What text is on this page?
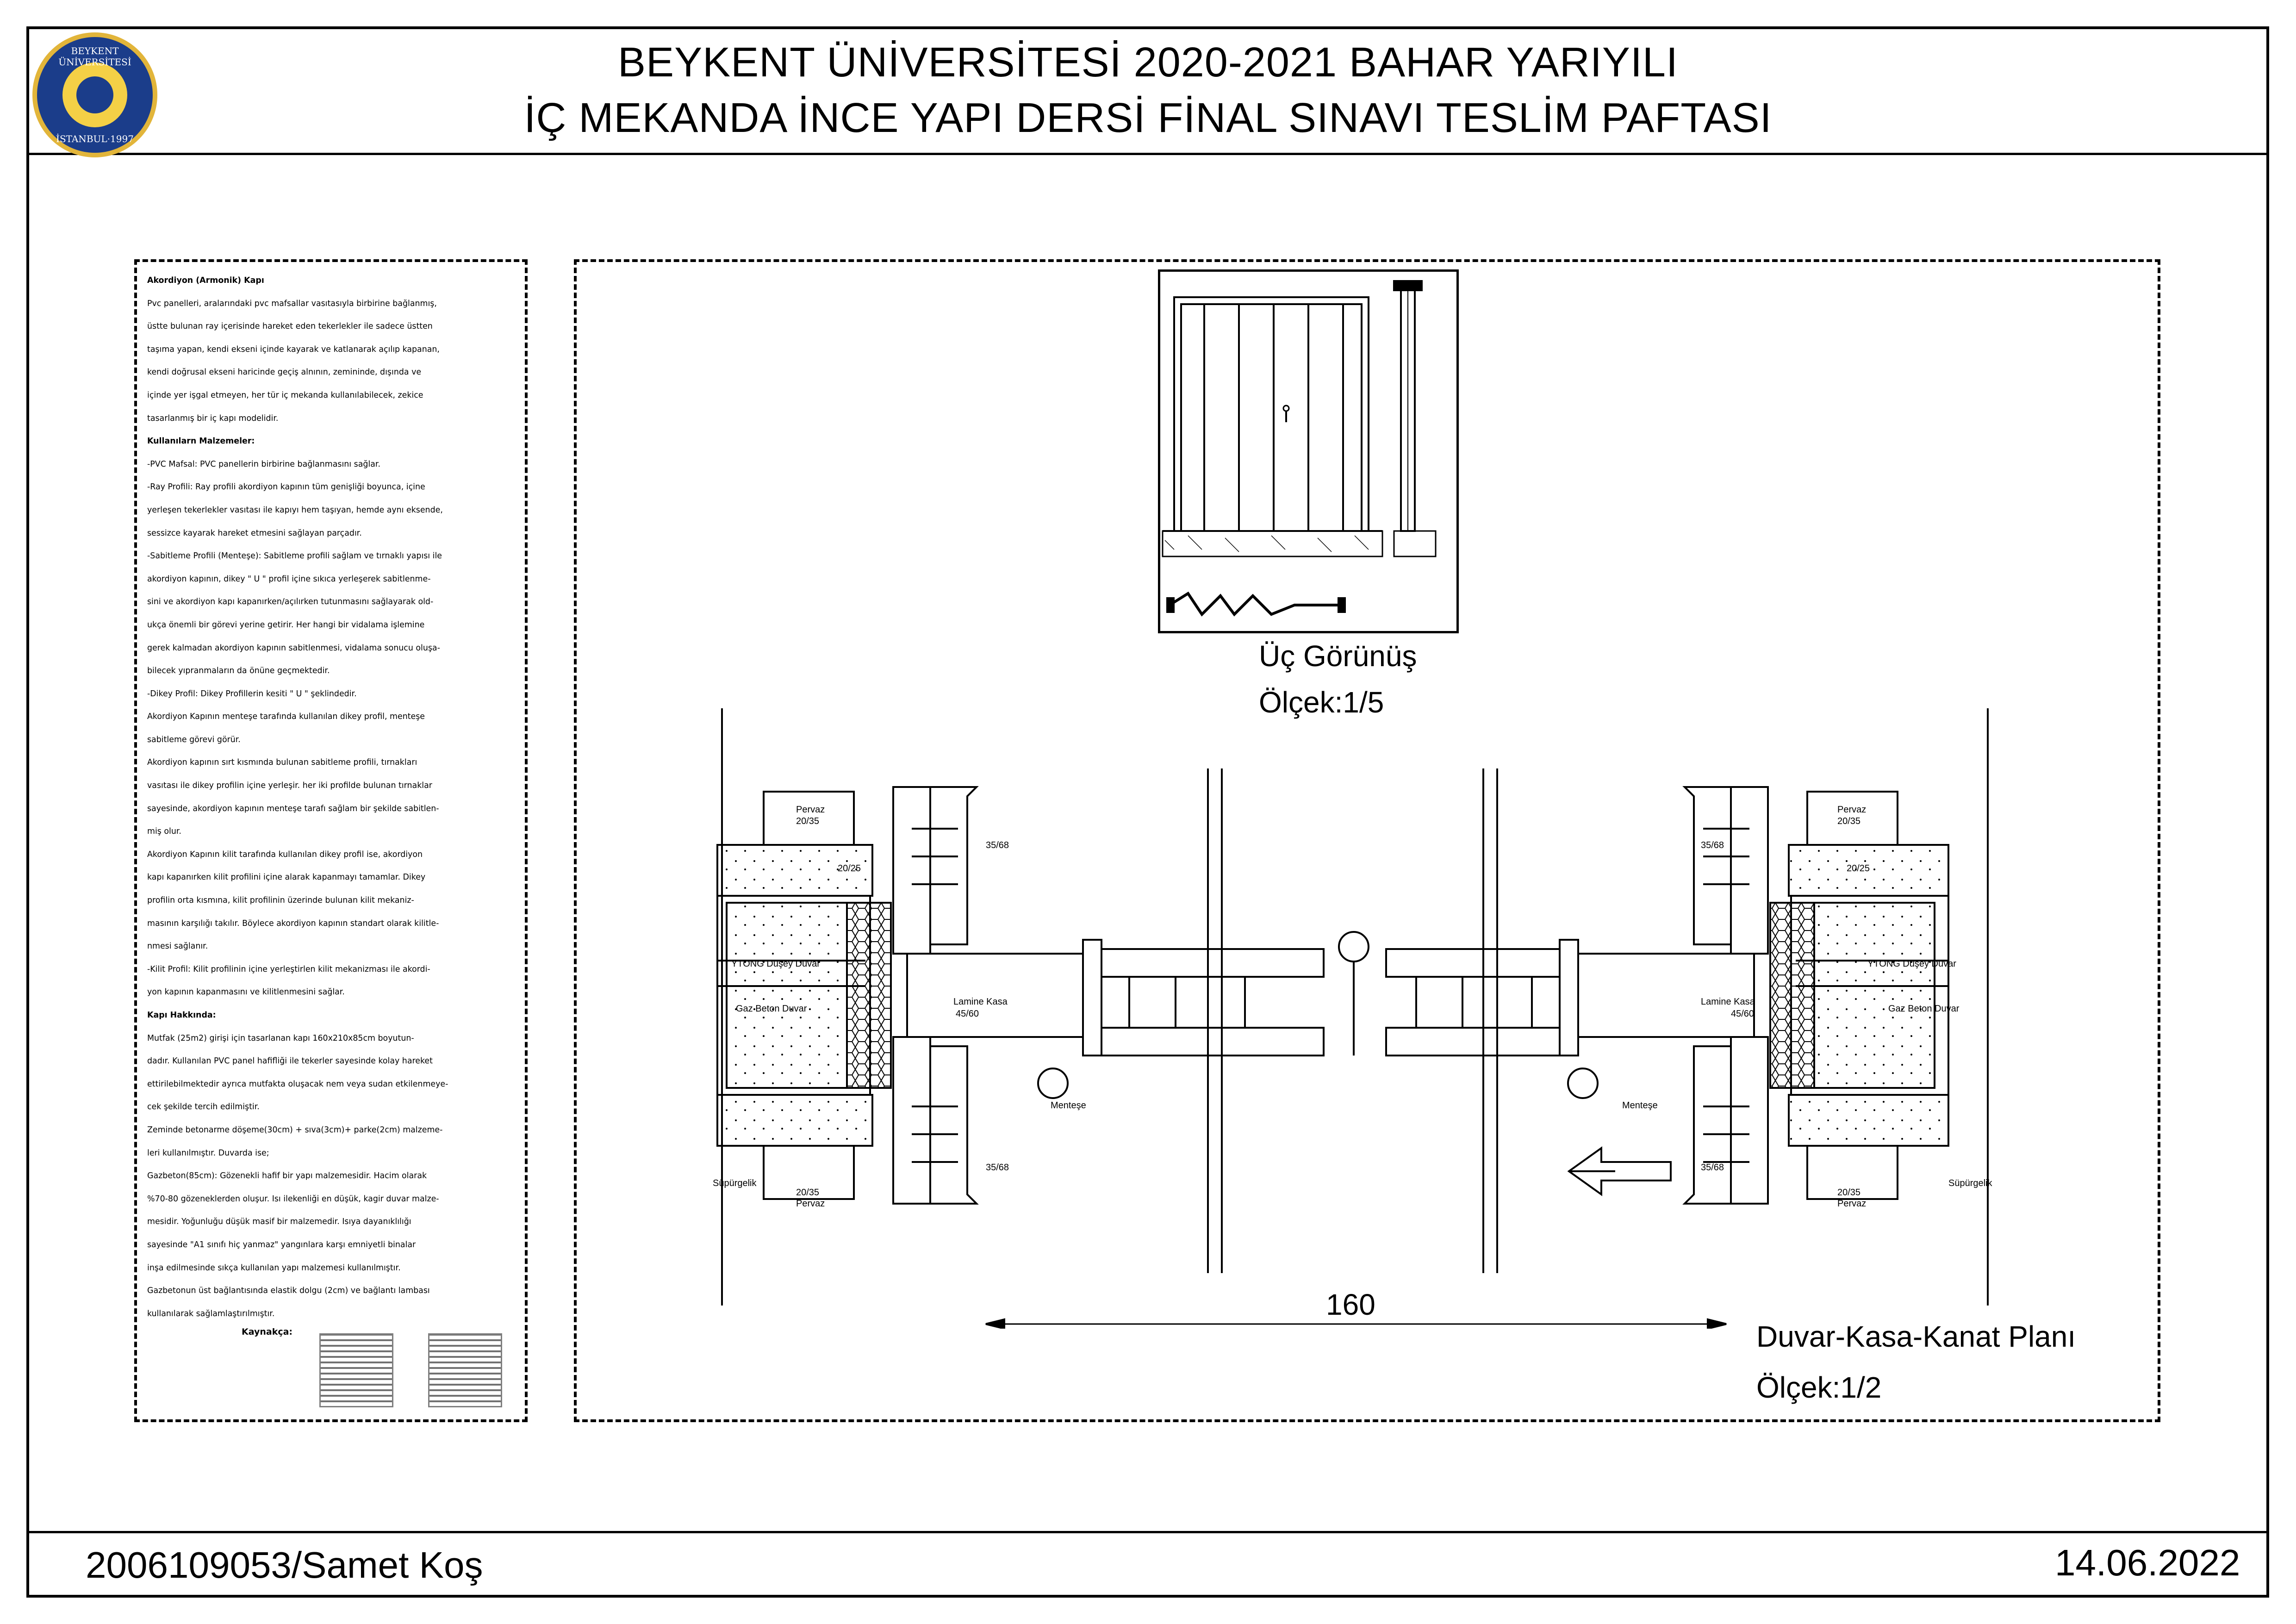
BEYKENT ÜNİVERSİTESİ
İSTANBUL·1997
BEYKENT ÜNİVERSİTESİ 2020-2021 BAHAR YARIYILI
İÇ MEKANDA İNCE YAPI DERSİ FİNAL SINAVI TESLİM PAFTASI
Akordiyon (Armonik) Kapı
Pvc panelleri, aralarındaki pvc mafsallar vasıtasıyla birbirine bağlanmış,
üstte bulunan ray içerisinde hareket eden tekerlekler ile sadece üstten
taşıma yapan, kendi ekseni içinde kayarak ve katlanarak açılıp kapanan,
kendi doğrusal ekseni haricinde geçiş alnının, zemininde, dışında ve
içinde yer işgal etmeyen, her tür iç mekanda kullanılabilecek, zekice
tasarlanmış bir iç kapı modelidir.
Kullanılarn Malzemeler:
-PVC Mafsal: PVC panellerin birbirine bağlanmasını sağlar.
-Ray Profili: Ray profili akordiyon kapının tüm genişliği boyunca, içine
yerleşen tekerlekler vasıtası ile kapıyı hem taşıyan, hemde aynı eksende,
sessizce kayarak hareket etmesini sağlayan parçadır.
-Sabitleme Profili (Menteşe): Sabitleme profili sağlam ve tırnaklı yapısı ile
akordiyon kapının, dikey " U " profil içine sıkıca yerleşerek sabitlenme-
sini ve akordiyon kapı kapanırken/açılırken tutunmasını sağlayarak old-
ukça önemli bir görevi yerine getirir. Her hangi bir vidalama işlemine
gerek kalmadan akordiyon kapının sabitlenmesi, vidalama sonucu oluşa-
bilecek yıpranmaların da önüne geçmektedir.
-Dikey Profil: Dikey Profillerin kesiti " U " şeklindedir.
Akordiyon Kapının menteşe tarafında kullanılan dikey profil, menteşe
sabitleme görevi görür.
Akordiyon kapının sırt kısmında bulunan sabitleme profili, tırnakları
vasıtası ile dikey profilin içine yerleşir. her iki profilde bulunan tırnaklar
sayesinde, akordiyon kapının menteşe tarafı sağlam bir şekilde sabitlen-
miş olur.
Akordiyon Kapının kilit tarafında kullanılan dikey profil ise, akordiyon
kapı kapanırken kilit profilini içine alarak kapanmayı tamamlar. Dikey
profilin orta kısmına, kilit profilinin üzerinde bulunan kilit mekaniz-
masının karşılığı takılır. Böylece akordiyon kapının standart olarak kilitle-
nmesi sağlanır.
-Kilit Profil: Kilit profilinin içine yerleştirlen kilit mekanizması ile akordi-
yon kapının kapanmasını ve kilitlenmesini sağlar.
Kapı Hakkında:
Mutfak (25m2) girişi için tasarlanan kapı 160x210x85cm boyutun-
dadır. Kullanılan PVC panel hafifliği ile tekerler sayesinde kolay hareket
ettirilebilmektedir ayrıca mutfakta oluşacak nem veya sudan etkilenmeye-
cek şekilde tercih edilmiştir.
Zeminde betonarme döşeme(30cm) + sıva(3cm)+ parke(2cm) malzeme-
leri kullanılmıştır. Duvarda ise;
Gazbeton(85cm): Gözenekli hafif bir yapı malzemesidir. Hacim olarak
%70-80 gözeneklerden oluşur. Isı ilekenliği en düşük, kagir duvar malze-
mesidir. Yoğunluğu düşük masif bir malzemedir. Isıya dayanıklılığı
sayesinde "A1 sınıfı hiç yanmaz" yangınlara karşı emniyetli binalar
inşa edilmesinde sıkça kullanılan yapı malzemesi kullanılmıştır.
Gazbetonun üst bağlantısında elastik dolgu (2cm) ve bağlantı lambası
kullanılarak sağlamlaştırılmıştır.
Kaynakça:
Üç Görünüş
Ölçek:1/5
Pervaz
20/35
Pervaz
20/35
20/35
Pervaz
20/35
Pervaz
20/25	20/25
35/68	35/68
35/68	35/68
YTONG Düşey Duvar	YTONG Düşey Duvar
Gaz Beton Duvar	Gaz Beton Duvar
Lamine Kasa
45/60
Lamine Kasa
45/60
Menteşe	Menteşe
Süpürgelik	Süpürgelik
160
Duvar-Kasa-Kanat Planı
Ölçek:1/2
2006109053/Samet Koş	14.06.2022
